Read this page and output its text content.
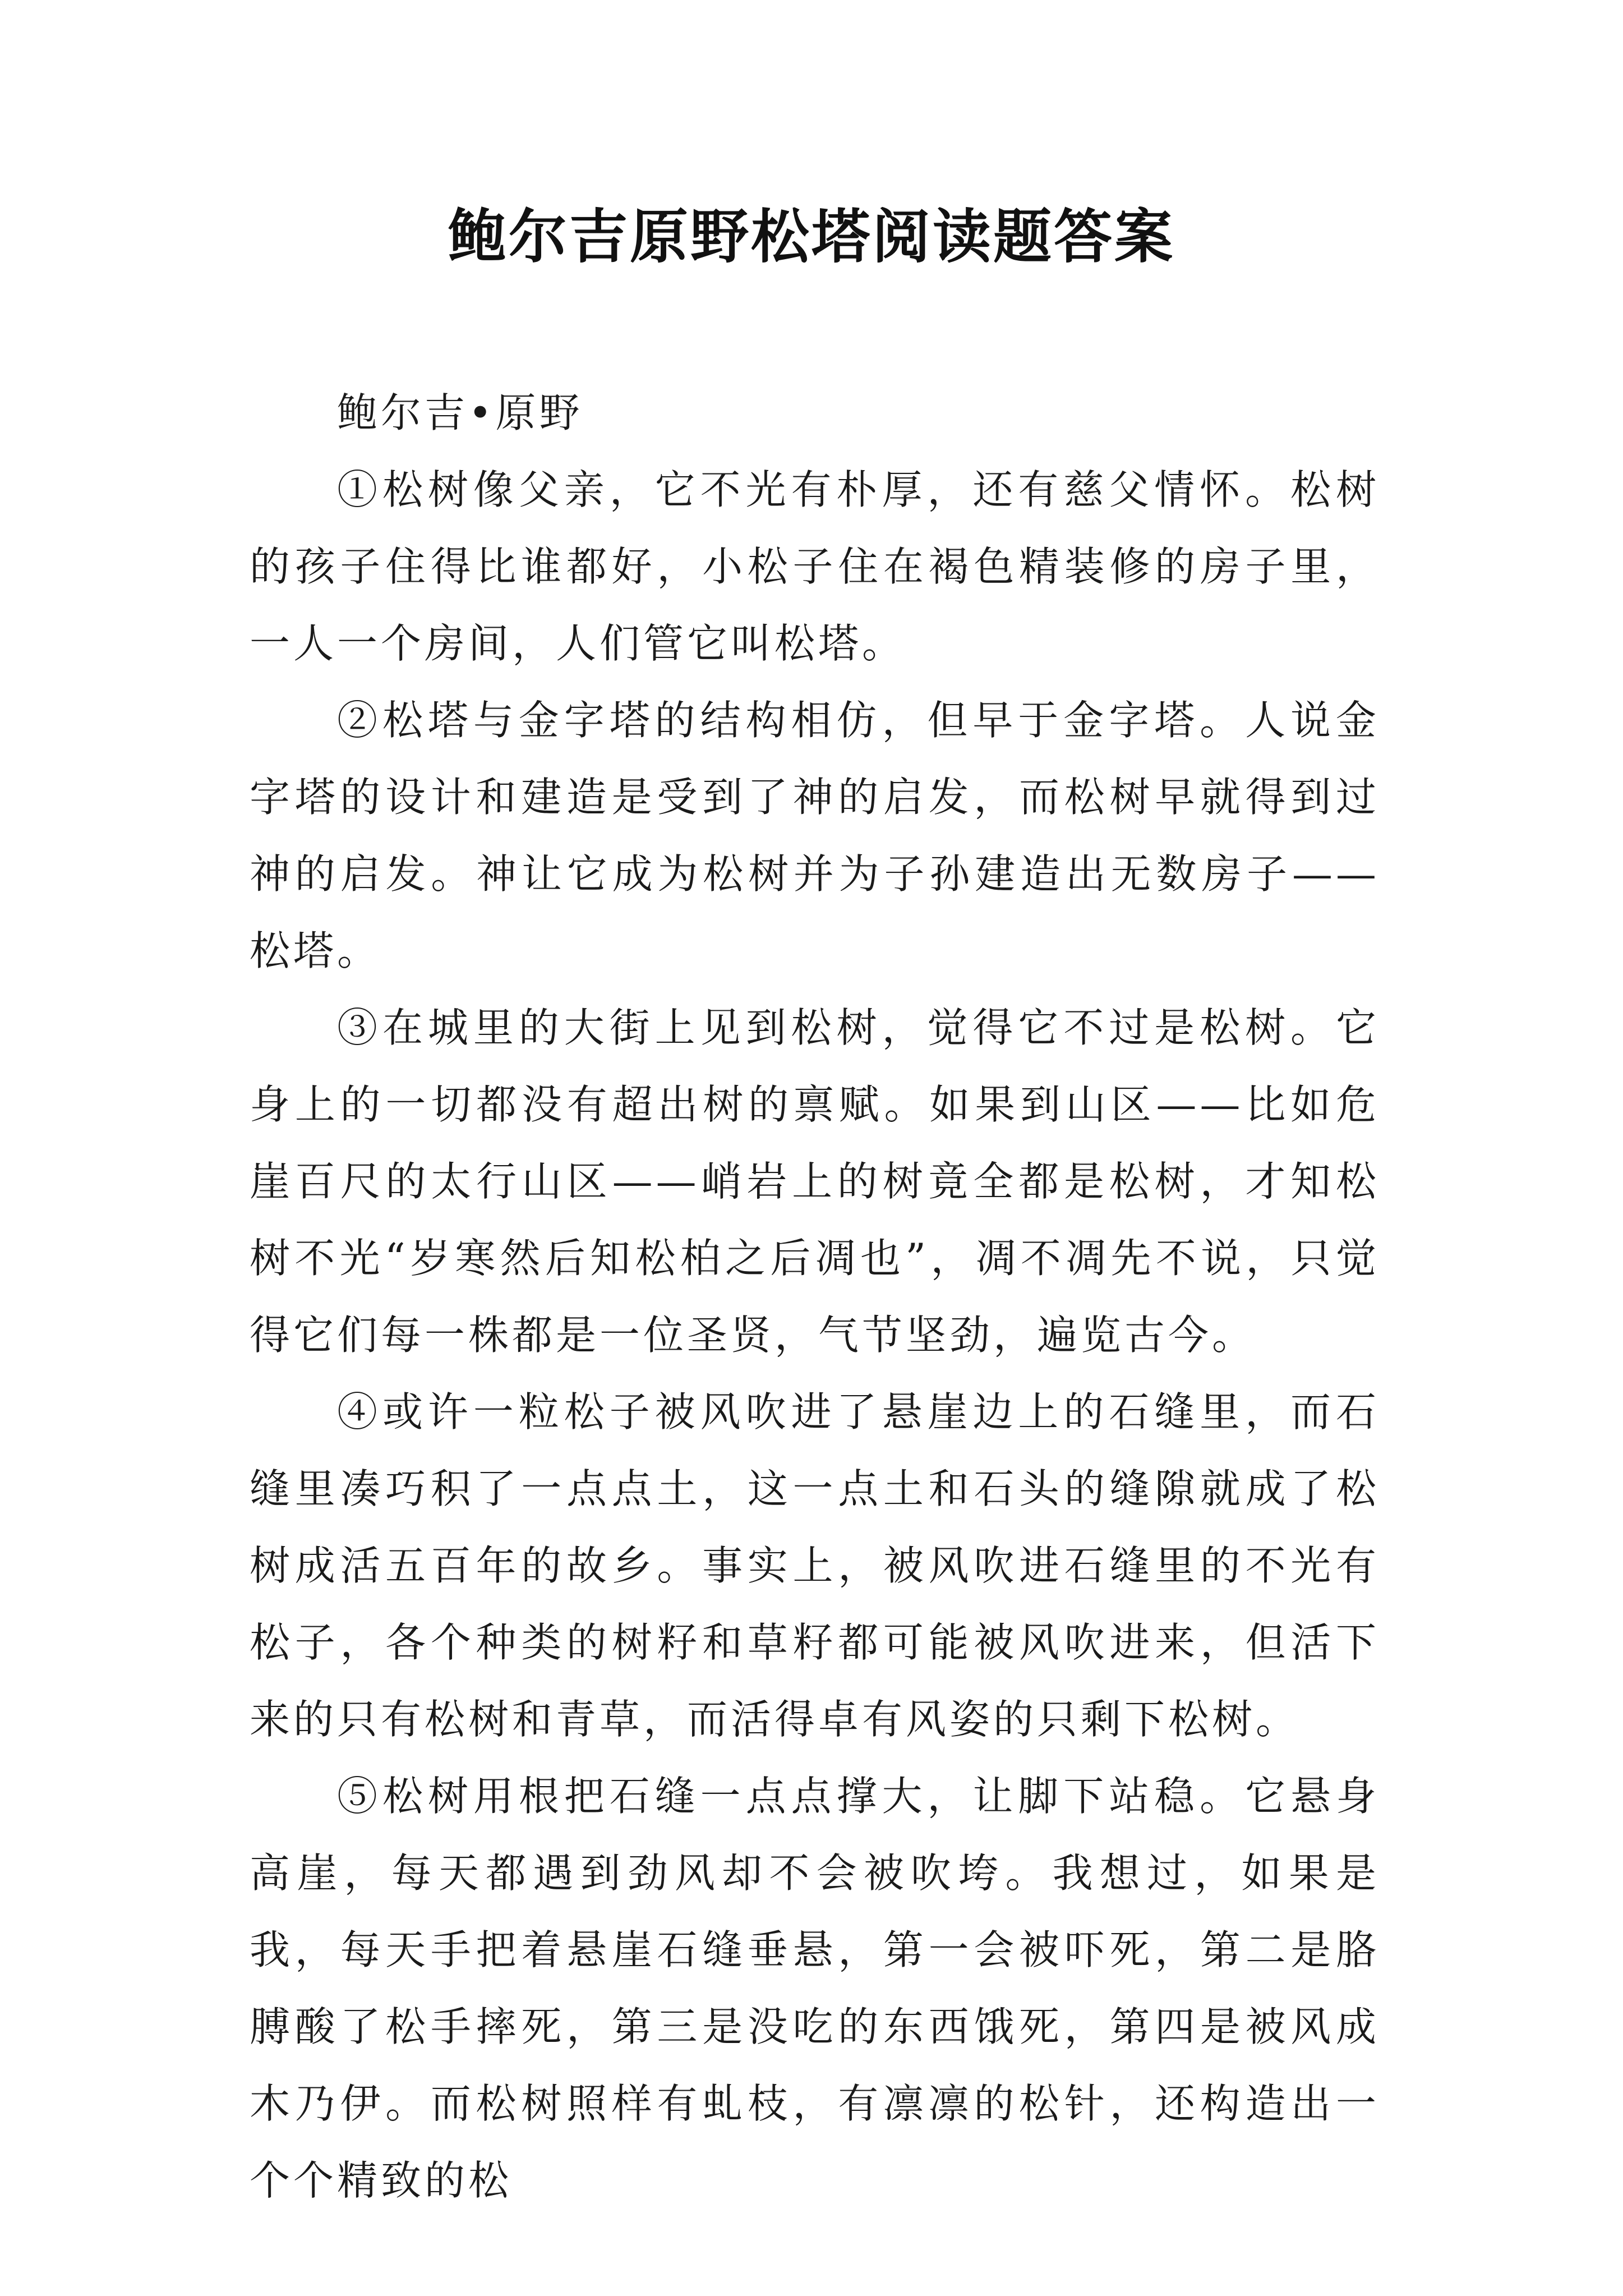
鲍尔吉原野松塔阅读题答案

鲍尔吉•原野

①松树像父亲，它不光有朴厚，还有慈父情怀。松树的孩子住得比谁都好，小松子住在褐色精装修的房子里，一人一个房间，人们管它叫松塔。

②松塔与金字塔的结构相仿，但早于金字塔。人说金字塔的设计和建造是受到了神的启发，而松树早就得到过神的启发。神让它成为松树并为子孙建造出无数房子——松塔。

③在城里的大街上见到松树，觉得它不过是松树。它身上的一切都没有超出树的禀赋。如果到山区——比如危崖百尺的太行山区——峭岩上的树竟全都是松树，才知松树不光“岁寒然后知松柏之后凋也”，凋不凋先不说，只觉得它们每一株都是一位圣贤，气节坚劲，遍览古今。

④或许一粒松子被风吹进了悬崖边上的石缝里，而石缝里凑巧积了一点点土，这一点土和石头的缝隙就成了松树成活五百年的故乡。事实上，被风吹进石缝里的不光有松子，各个种类的树籽和草籽都可能被风吹进来，但活下来的只有松树和青草，而活得卓有风姿的只剩下松树。

⑤松树用根把石缝一点点撑大，让脚下站稳。它悬身高崖，每天都遇到劲风却不会被吹垮。我想过，如果是我，每天手把着悬崖石缝垂悬，第一会被吓死，第二是胳膊酸了松手摔死，第三是没吃的东西饿死，第四是被风成木乃伊。而松树照样有虬枝，有凛凛的松针，还构造出一个个精致的松
